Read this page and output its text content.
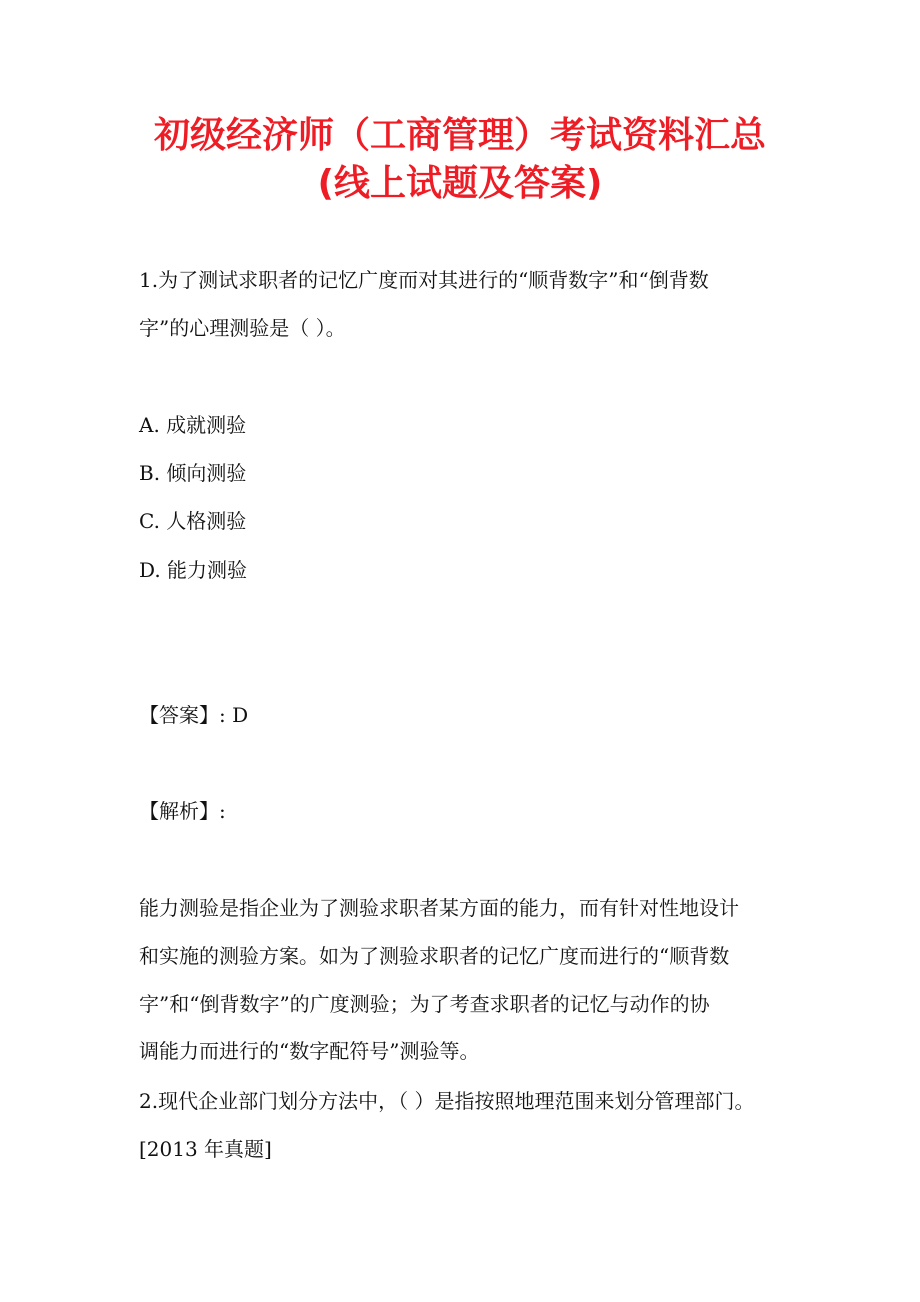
初级经济师（工商管理）考试资料汇总
(线上试题及答案)
1.为了测试求职者的记忆广度而对其进行的“顺背数字”和“倒背数
字”的心理测验是（ ）。
A. 成就测验
B. 倾向测验
C. 人格测验
D. 能力测验
【答案】: D
【解析】:
能力测验是指企业为了测验求职者某方面的能力，而有针对性地设计
和实施的测验方案。如为了测验求职者的记忆广度而进行的“顺背数
字”和“倒背数字”的广度测验；为了考查求职者的记忆与动作的协
调能力而进行的“数字配符号”测验等。
2.现代企业部门划分方法中，（ ）是指按照地理范围来划分管理部门。
[2013 年真题]
